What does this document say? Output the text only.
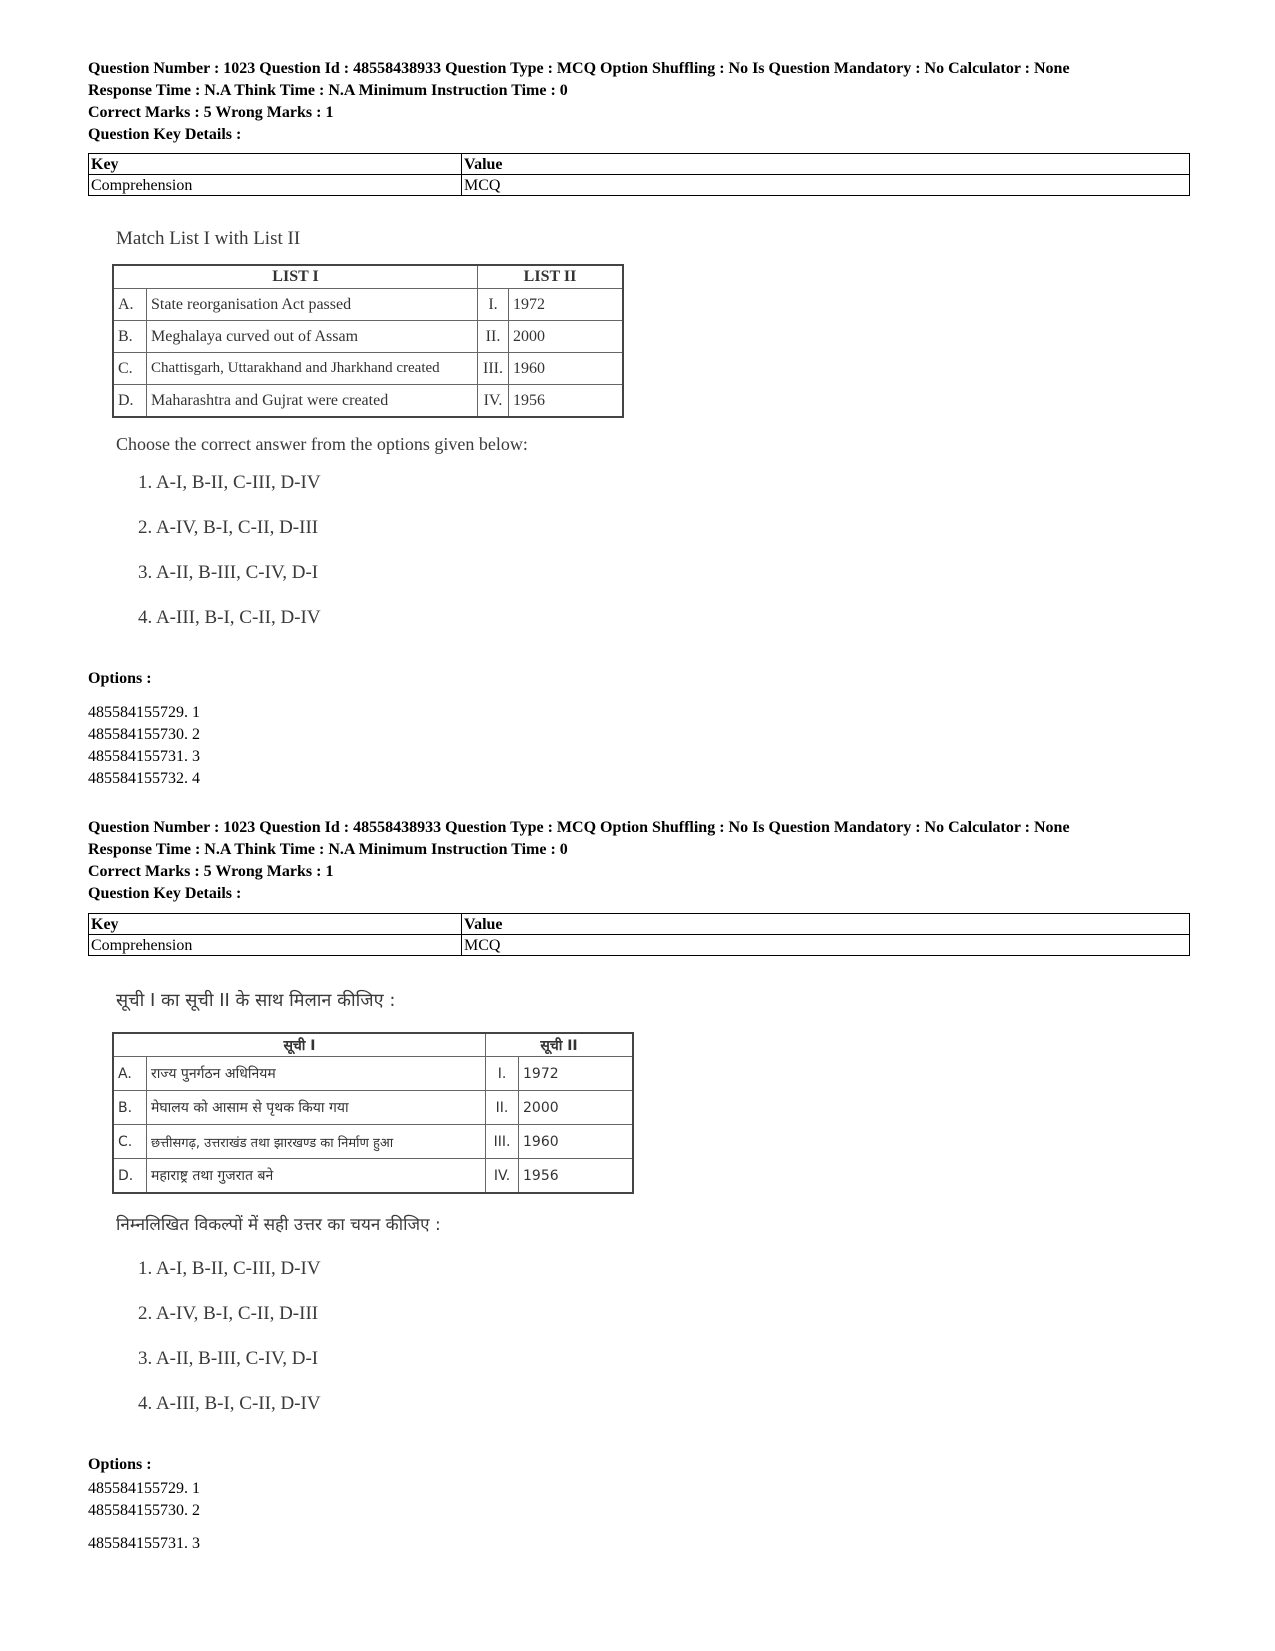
Question Number : 1023 Question Id : 48558438933 Question Type : MCQ Option Shuffling : No Is Question Mandatory : No Calculator : None
Response Time : N.A Think Time : N.A Minimum Instruction Time : 0
Correct Marks : 5 Wrong Marks : 1
Question Key Details :
Key	Value
Comprehension	MCQ
Match List I with List II
LIST I		LIST II	
A.	State reorganisation Act passed	I.	1972
B.	Meghalaya curved out of Assam	II.	2000
C.	Chattisgarh, Uttarakhand and Jharkhand created	III.	1960
D.	Maharashtra and Gujrat were created	IV.	1956
Choose the correct answer from the options given below:
1. A-I, B-II, C-III, D-IV
2. A-IV, B-I, C-II, D-III
3. A-II, B-III, C-IV, D-I
4. A-III, B-I, C-II, D-IV
Options :
485584155729. 1
485584155730. 2
485584155731. 3
485584155732. 4
Question Number : 1023 Question Id : 48558438933 Question Type : MCQ Option Shuffling : No Is Question Mandatory : No Calculator : None
Response Time : N.A Think Time : N.A Minimum Instruction Time : 0
Correct Marks : 5 Wrong Marks : 1
Question Key Details :
Key	Value
Comprehension	MCQ
सूची I का सूची II के साथ मिलान कीजिए :
सूची I		सूची II	
A.	राज्य पुनर्गठन अधिनियम	I.	1972
B.	मेघालय को आसाम से पृथक किया गया	II.	2000
C.	छत्तीसगढ़, उत्तराखंड तथा झारखण्ड का निर्माण हुआ	III.	1960
D.	महाराष्ट्र तथा गुजरात बने	IV.	1956
निम्नलिखित विकल्पों में सही उत्तर का चयन कीजिए :
1. A-I, B-II, C-III, D-IV
2. A-IV, B-I, C-II, D-III
3. A-II, B-III, C-IV, D-I
4. A-III, B-I, C-II, D-IV
Options :
485584155729. 1
485584155730. 2
485584155731. 3
